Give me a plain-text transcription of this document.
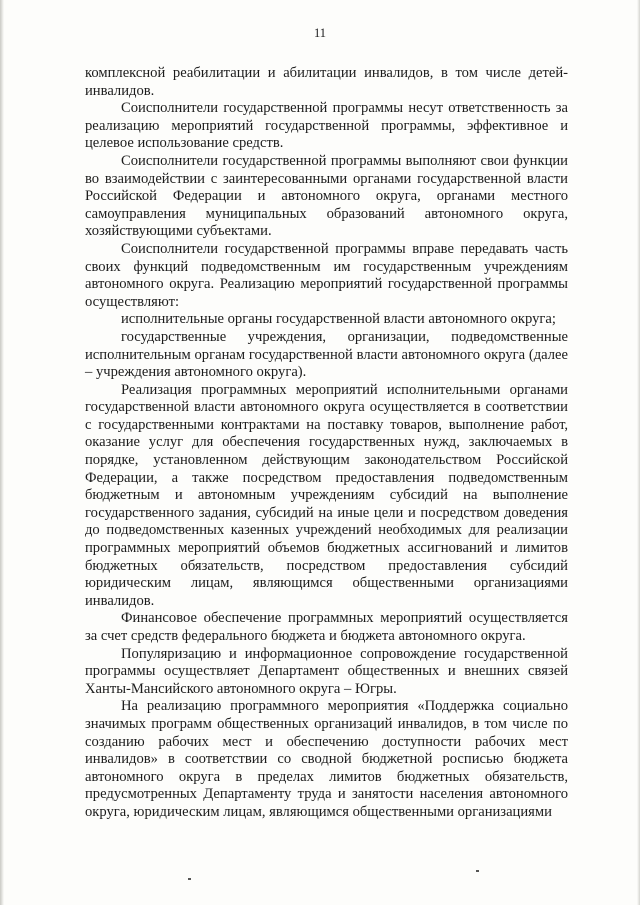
11

комплексной реабилитации и абилитации инвалидов, в том числе детей-инвалидов.

Соисполнители государственной программы несут ответственность за реализацию мероприятий государственной программы, эффективное и целевое использование средств.

Соисполнители государственной программы выполняют свои функции во взаимодействии с заинтересованными органами государственной власти Российской Федерации и автономного округа, органами местного самоуправления муниципальных образований автономного округа, хозяйствующими субъектами.

Соисполнители государственной программы вправе передавать часть своих функций подведомственным им государственным учреждениям автономного округа. Реализацию мероприятий государственной программы осуществляют:

исполнительные органы государственной власти автономного округа;

государственные учреждения, организации, подведомственные исполнительным органам государственной власти автономного округа (далее – учреждения автономного округа).

Реализация программных мероприятий исполнительными органами государственной власти автономного округа осуществляется в соответствии с государственными контрактами на поставку товаров, выполнение работ, оказание услуг для обеспечения государственных нужд, заключаемых в порядке, установленном действующим законодательством Российской Федерации, а также посредством предоставления подведомственным бюджетным и автономным учреждениям субсидий на выполнение государственного задания, субсидий на иные цели и посредством доведения до подведомственных казенных учреждений необходимых для реализации программных мероприятий объемов бюджетных ассигнований и лимитов бюджетных обязательств, посредством предоставления субсидий юридическим лицам, являющимся общественными организациями инвалидов.

Финансовое обеспечение программных мероприятий осуществляется за счет средств федерального бюджета и бюджета автономного округа.

Популяризацию и информационное сопровождение государственной программы осуществляет Департамент общественных и внешних связей Ханты-Мансийского автономного округа – Югры.

На реализацию программного мероприятия «Поддержка социально значимых программ общественных организаций инвалидов, в том числе по созданию рабочих мест и обеспечению доступности рабочих мест инвалидов» в соответствии со сводной бюджетной росписью бюджета автономного округа в пределах лимитов бюджетных обязательств, предусмотренных Департаменту труда и занятости населения автономного округа, юридическим лицам, являющимся общественными организациями
